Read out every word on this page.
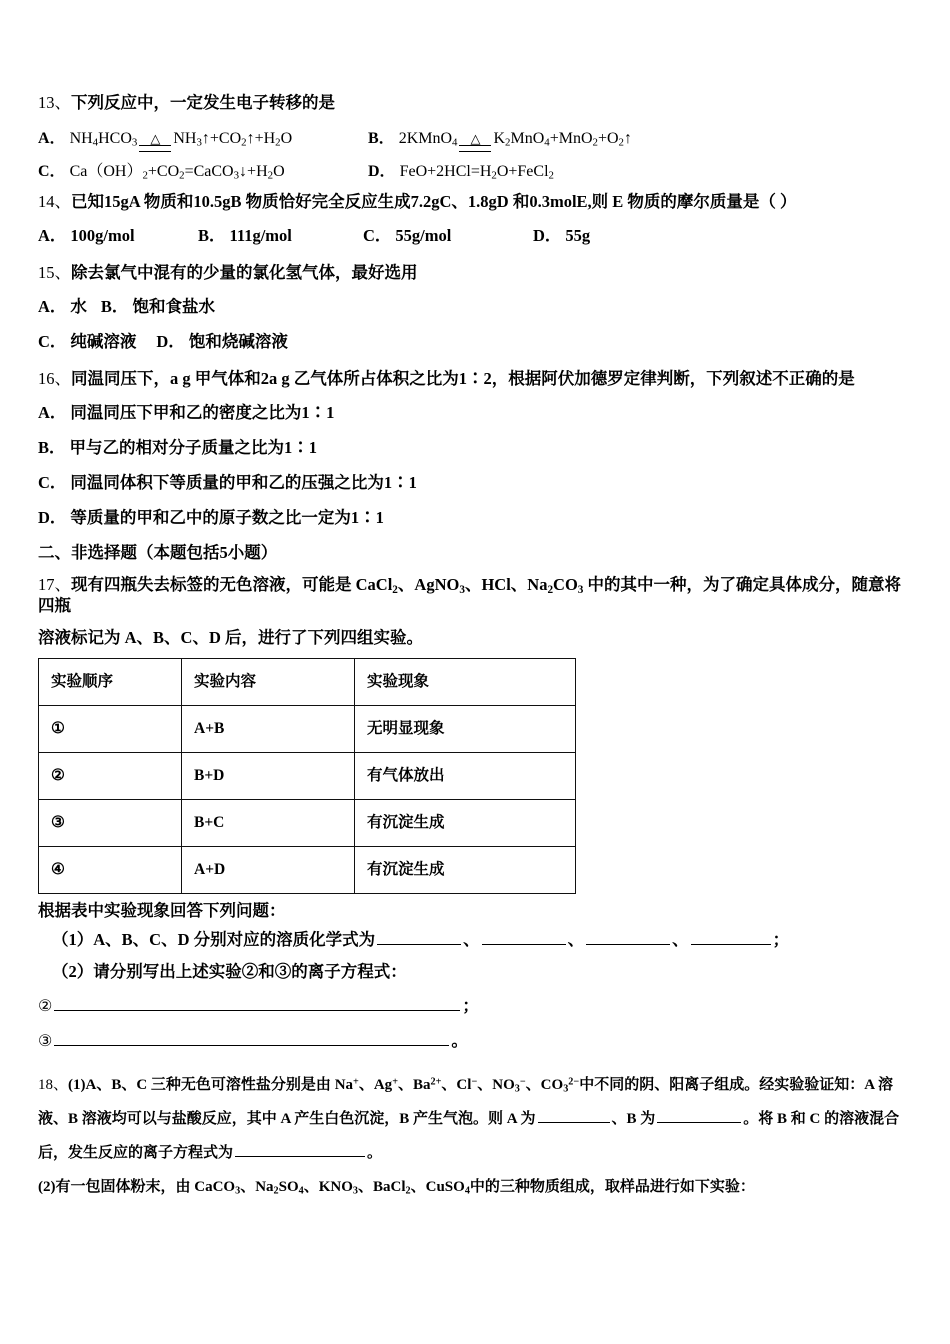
13、下列反应中，一定发生电子转移的是
A． $NH_4HCO_3$ △ $NH_3↑+CO_2↑+H_2O$	B． 2KMnO$_4$ △ $K_2MnO_4+MnO_2+O_2↑$
C． $Ca(OH)_2+CO_2=CaCO_3↓+H_2O$	D． $FeO+2HCl=H_2O+FeCl_2$
14、已知15gA 物质和10.5gB 物质恰好完全反应生成7.2gC、1.8gD 和0.3molE,则 E 物质的摩尔质量是（ ）
A． 100g/mol	B． 111g/mol	C． 55g/mol	D． 55g
15、除去氯气中混有的少量的氯化氢气体，最好选用
A． 水 B． 饱和食盐水
C． 纯碱溶液 D． 饱和烧碱溶液
16、同温同压下，a g 甲气体和2a g 乙气体所占体积之比为1∶2，根据阿伏加德罗定律判断，下列叙述不正确的是
A． 同温同压下甲和乙的密度之比为1∶1
B． 甲与乙的相对分子质量之比为1∶1
C． 同温同体积下等质量的甲和乙的压强之比为1∶1
D． 等质量的甲和乙中的原子数之比一定为1∶1
二、非选择题（本题包括5小题）
17、现有四瓶失去标签的无色溶液，可能是 CaCl$_2$、AgNO$_3$、HCl、$Na_2CO_3$ 中的其中一种，为了确定具体成分，随意将四瓶
溶液标记为 A、B、C、D 后，进行了下列四组实验。
实验顺序	实验内容	实验现象
①	A+B	无明显现象
②	B+D	有气体放出
③	B+C	有沉淀生成
④	A+D	有沉淀生成
根据表中实验现象回答下列问题：
（1）A、B、C、D 分别对应的溶质化学式为	、	、	、	；
（2）请分别写出上述实验②和③的离子方程式：
②	；
③	。
18、(1)A、B、C 三种无色可溶性盐分别是由 Na+、Ag+、$Ba^{2+}$、Cl−、$NO_3^-$、$CO_3^{2-}$中不同的阴、阳离子组成。经实验验证知：A 溶
液、B 溶液均可以与盐酸反应，其中 A 产生白色沉淀，B 产生气泡。则 A 为	、B 为	。将 B 和 C 的溶液混合
后，发生反应的离子方程式为	。
(2)有一包固体粉末，由 CaCO$_3$、$Na_2SO_4$、$KNO_3$、BaCl$_2$、CuSO$_4$中的三种物质组成，取样品进行如下实验：
